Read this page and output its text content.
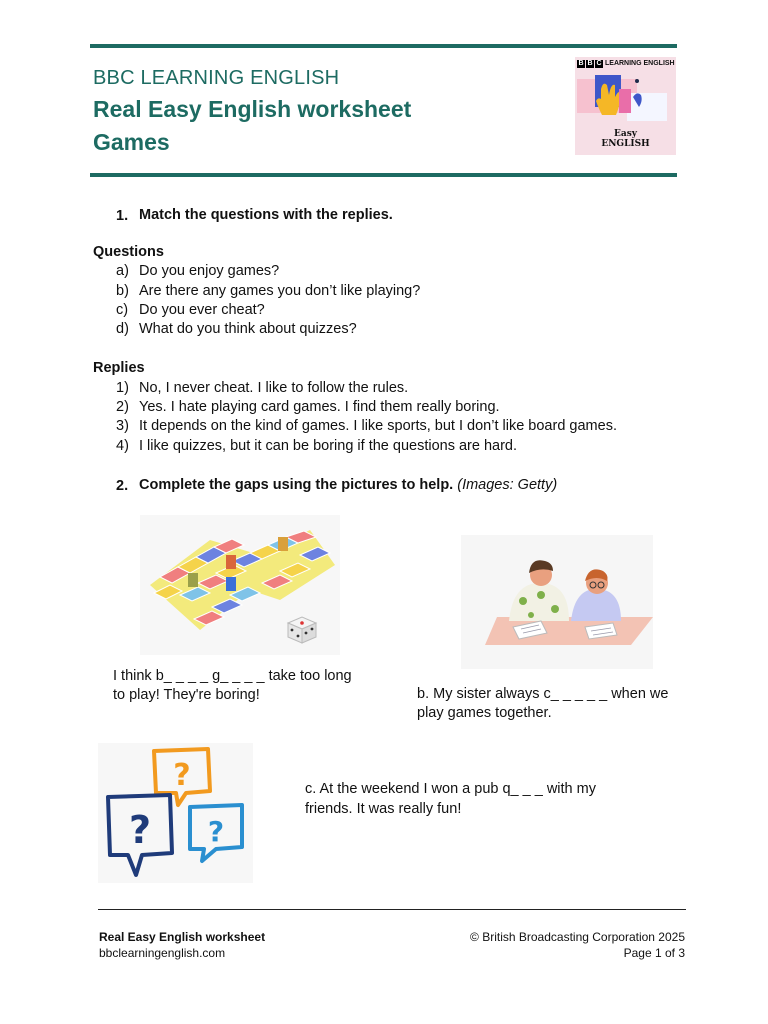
BBC LEARNING ENGLISH
Real Easy English worksheet
Games
B B C LEARNING ENGLISH
Easy
ENGLISH
1. Match the questions with the replies.
Questions
a) Do you enjoy games?
b) Are there any games you don’t like playing?
c) Do you ever cheat?
d) What do you think about quizzes?
Replies
1) No, I never cheat. I like to follow the rules.
2) Yes. I hate playing card games. I find them really boring.
3) It depends on the kind of games. I like sports, but I don’t like board games.
4) I like quizzes, but it can be boring if the questions are hard.
2. Complete the gaps using the pictures to help. (Images: Getty)
I think b_ _ _ _ g_ _ _ _ take too long
to play! They're boring!	b. My sister always c_ _ _ _ _ when we
play games together.
?
? ?
c. At the weekend I won a pub q_ _ _ with my
friends. It was really fun!
Real Easy English worksheet
bbclearningenglish.com
© British Broadcasting Corporation 2025
Page 1 of 3
